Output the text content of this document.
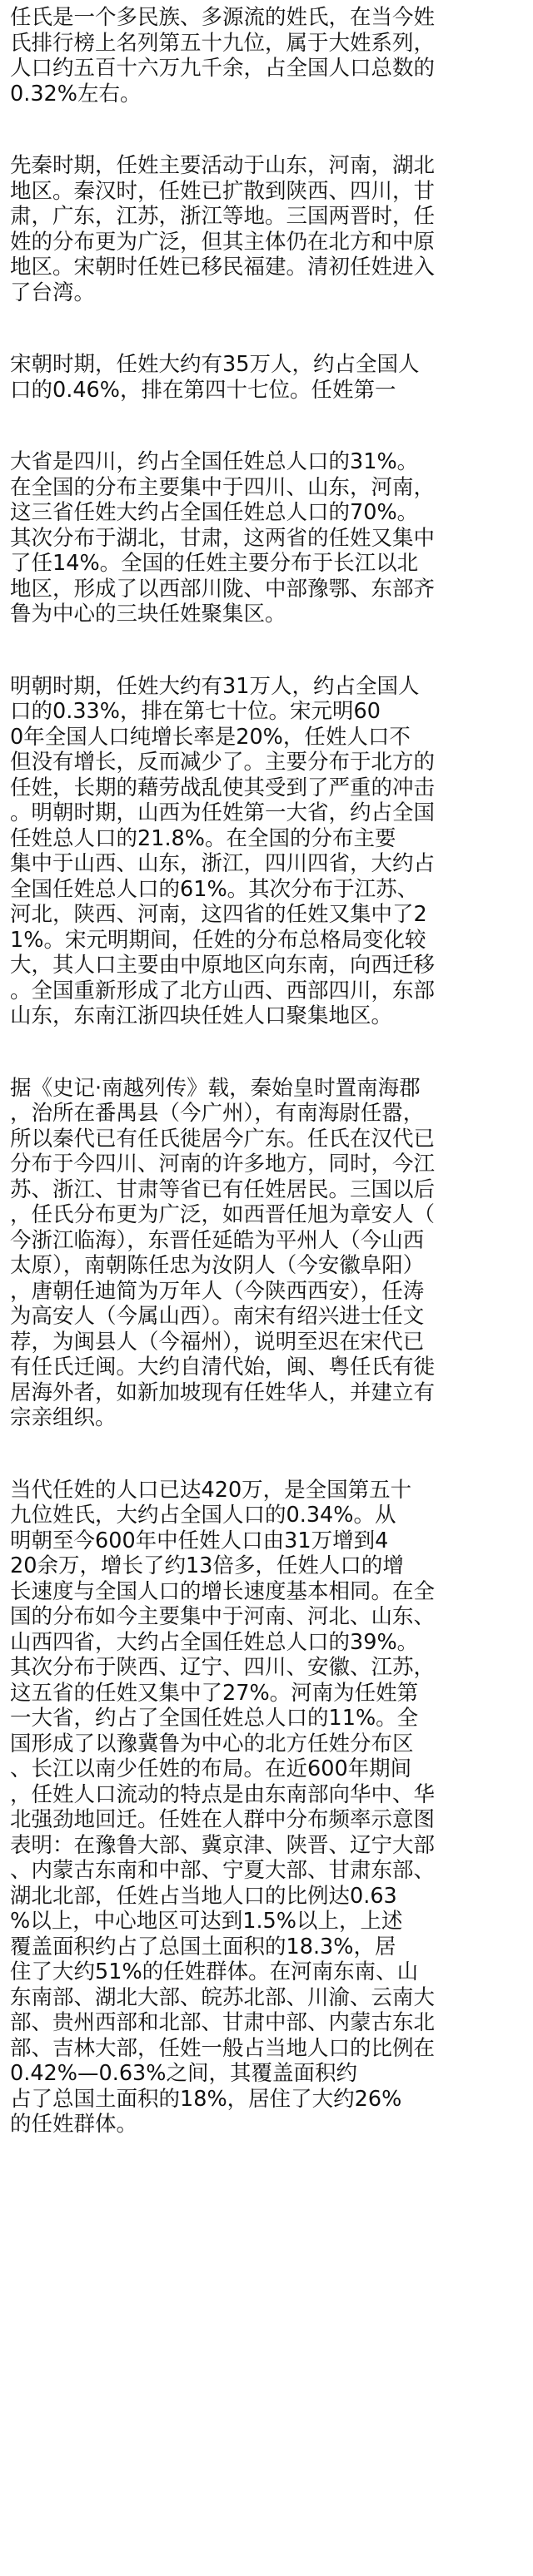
任氏是一个多民族、多源流的姓氏，在当今姓
氏排行榜上名列第五十九位，属于大姓系列，
人口约五百十六万九千余，占全国人口总数的
0.32%左右。
先秦时期，任姓主要活动于山东，河南，湖北
地区。秦汉时，任姓已扩散到陕西、四川，甘
肃，广东，江苏，浙江等地。三国两晋时，任
姓的分布更为广泛，但其主体仍在北方和中原
地区。宋朝时任姓已移民福建。清初任姓进入
了台湾。
宋朝时期，任姓大约有35万人，约占全国人
口的0.46%，排在第四十七位。任姓第一
大省是四川，约占全国任姓总人口的31%。
在全国的分布主要集中于四川、山东，河南，
这三省任姓大约占全国任姓总人口的70%。
其次分布于湖北，甘肃，这两省的任姓又集中
了任14%。全国的任姓主要分布于长江以北
地区，形成了以西部川陇、中部豫鄂、东部齐
鲁为中心的三块任姓聚集区。
明朝时期，任姓大约有31万人，约占全国人
口的0.33%，排在第七十位。宋元明60
0年全国人口纯增长率是20%，任姓人口不
但没有增长，反而减少了。主要分布于北方的
任姓，长期的藉劳战乱使其受到了严重的冲击
。明朝时期，山西为任姓第一大省，约占全国
任姓总人口的21.8%。在全国的分布主要
集中于山西、山东，浙江，四川四省，大约占
全国任姓总人口的61%。其次分布于江苏、
河北，陕西、河南，这四省的任姓又集中了2
1%。宋元明期间，任姓的分布总格局变化较
大，其人口主要由中原地区向东南，向西迁移
。全国重新形成了北方山西、西部四川，东部
山东，东南江浙四块任姓人口聚集地区。
据《史记·南越列传》载，秦始皇时置南海郡
，治所在番禺县（今广州），有南海尉任嚣，
所以秦代已有任氏徙居今广东。任氏在汉代已
分布于今四川、河南的许多地方，同时，今江
苏、浙江、甘肃等省已有任姓居民。三国以后
，任氏分布更为广泛，如西晋任旭为章安人（
今浙江临海），东晋任延皓为平州人（今山西
太原），南朝陈任忠为汝阴人（今安徽阜阳）
，唐朝任迪简为万年人（今陕西西安），任涛
为高安人（今属山西）。南宋有绍兴进士任文
荐，为闽县人（今福州），说明至迟在宋代已
有任氏迁闽。大约自清代始，闽、粤任氏有徙
居海外者，如新加坡现有任姓华人，并建立有
宗亲组织。
当代任姓的人口已达420万，是全国第五十
九位姓氏，大约占全国人口的0.34%。从
明朝至今600年中任姓人口由31万增到4
20余万，增长了约13倍多，任姓人口的增
长速度与全国人口的增长速度基本相同。在全
国的分布如今主要集中于河南、河北、山东、
山西四省，大约占全国任姓总人口的39%。
其次分布于陕西、辽宁、四川、安徽、江苏，
这五省的任姓又集中了27%。河南为任姓第
一大省，约占了全国任姓总人口的11%。全
国形成了以豫冀鲁为中心的北方任姓分布区
、长江以南少任姓的布局。在近600年期间
，任姓人口流动的特点是由东南部向华中、华
北强劲地回迁。任姓在人群中分布频率示意图
表明：在豫鲁大部、冀京津、陕晋、辽宁大部
、内蒙古东南和中部、宁夏大部、甘肃东部、
湖北北部，任姓占当地人口的比例达0.63
%以上，中心地区可达到1.5%以上，上述
覆盖面积约占了总国土面积的18.3%，居
住了大约51%的任姓群体。在河南东南、山
东南部、湖北大部、皖苏北部、川渝、云南大
部、贵州西部和北部、甘肃中部、内蒙古东北
部、吉林大部，任姓一般占当地人口的比例在
0.42%—0.63%之间，其覆盖面积约
占了总国土面积的18%，居住了大约26%
的任姓群体。
